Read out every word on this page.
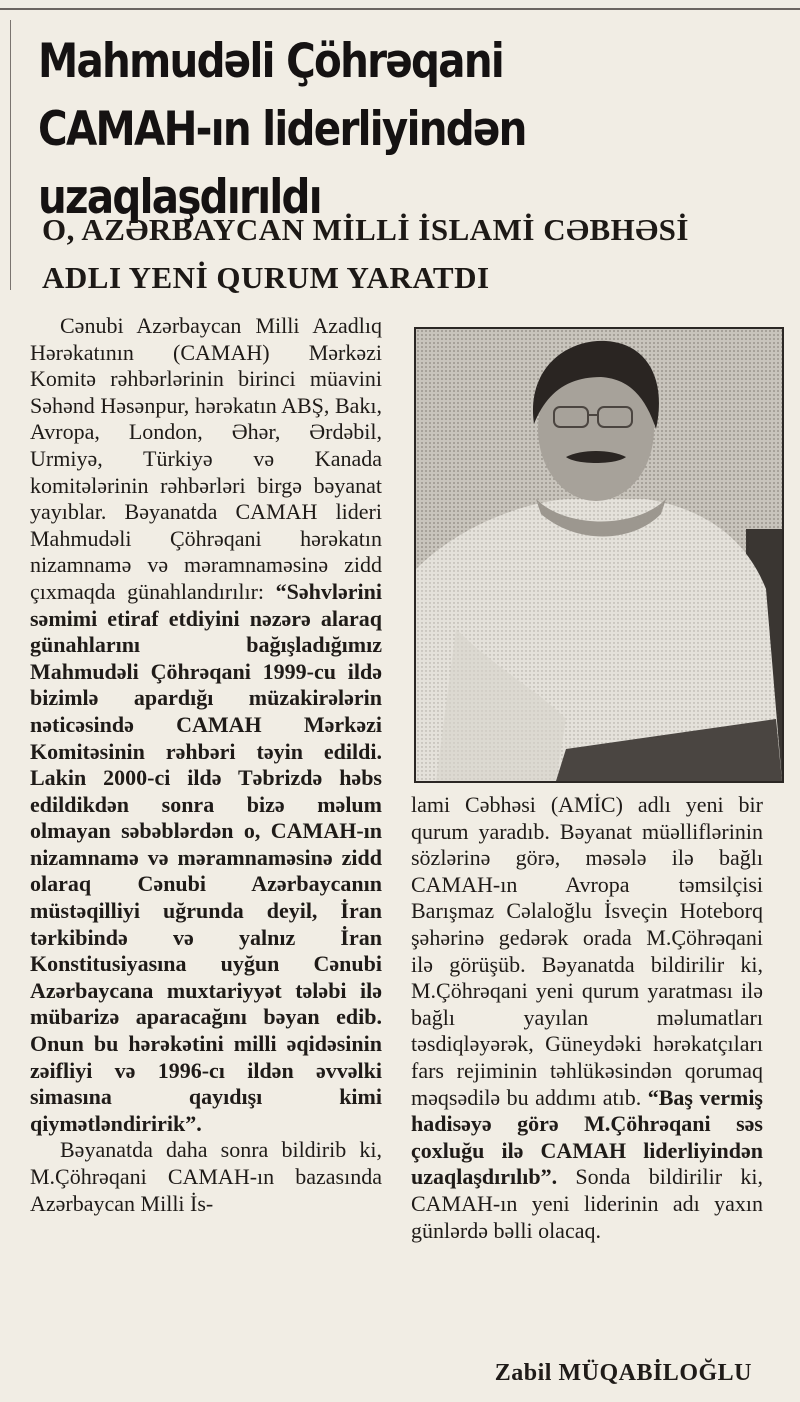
Mahmudəli Çöhrəqani CAMAH-ın liderliyindən uzaqlaşdırıldı
O, AZƏRBAYCAN MİLLİ İSLAMİ CƏBHƏSİ ADLI YENİ QURUM YARATDI

Cənubi Azərbaycan Milli Azadlıq Hərəkatının (CAMAH) Mərkəzi Komitə rəhbərlərinin birinci müavini Səhənd Həsənpur, hərəkatın ABŞ, Bakı, Avropa, London, Əhər, Ərdəbil, Urmiyə, Türkiyə və Kanada komitələrinin rəhbərləri birgə bəyanat yayıblar. Bəyanatda CAMAH lideri Mahmudəli Çöhrəqani hərəkatın nizamnamə və məramnaməsinə zidd çıxmaqda günahlandırılır: “Səhvlərini səmimi etiraf etdiyini nəzərə alaraq günahlarını bağışladığımız Mahmudəli Çöhrəqani 1999-cu ildə bizimlə apardığı müzakirələrin nəticəsində CAMAH Mərkəzi Komitəsinin rəhbəri təyin edildi. Lakin 2000-ci ildə Təbrizdə həbs edildikdən sonra bizə məlum olmayan səbəblərdən o, CAMAH-ın nizamnamə və məramnaməsinə zidd olaraq Cənubi Azərbaycanın müstəqilliyi uğrunda deyil, İran tərkibində və yalnız İran Konstitusiyasına uyğun Cənubi Azərbaycana muxtariyyət tələbi ilə mübarizə aparacağını bəyan edib. Onun bu hərəkətini milli əqidəsinin zəifliyi və 1996-cı ildən əvvəlki simasına qayıdışı kimi qiymətləndiririk”.

Bəyanatda daha sonra bildirib ki, M.Çöhrəqani CAMAH-ın bazasında Azərbaycan Milli İs-

lami Cəbhəsi (AMİC) adlı yeni bir qurum yaradıb. Bəyanat müəlliflərinin sözlərinə görə, məsələ ilə bağlı CAMAH-ın Avropa təmsilçisi Barışmaz Cəlaloğlu İsveçin Hoteborq şəhərinə gedərək orada M.Çöhrəqani ilə görüşüb. Bəyanatda bildirilir ki, M.Çöhrəqani yeni qurum yaratması ilə bağlı yayılan məlumatları təsdiqləyərək, Güneydəki hərəkatçıları fars rejiminin təhlükəsindən qorumaq məqsədilə bu addımı atıb. “Baş vermiş hadisəyə görə M.Çöhrəqani səs çoxluğu ilə CAMAH liderliyindən uzaqlaşdırılıb”. Sonda bildirilir ki, CAMAH-ın yeni liderinin adı yaxın günlərdə bəlli olacaq.

Zabil MÜQABİLOĞLU
